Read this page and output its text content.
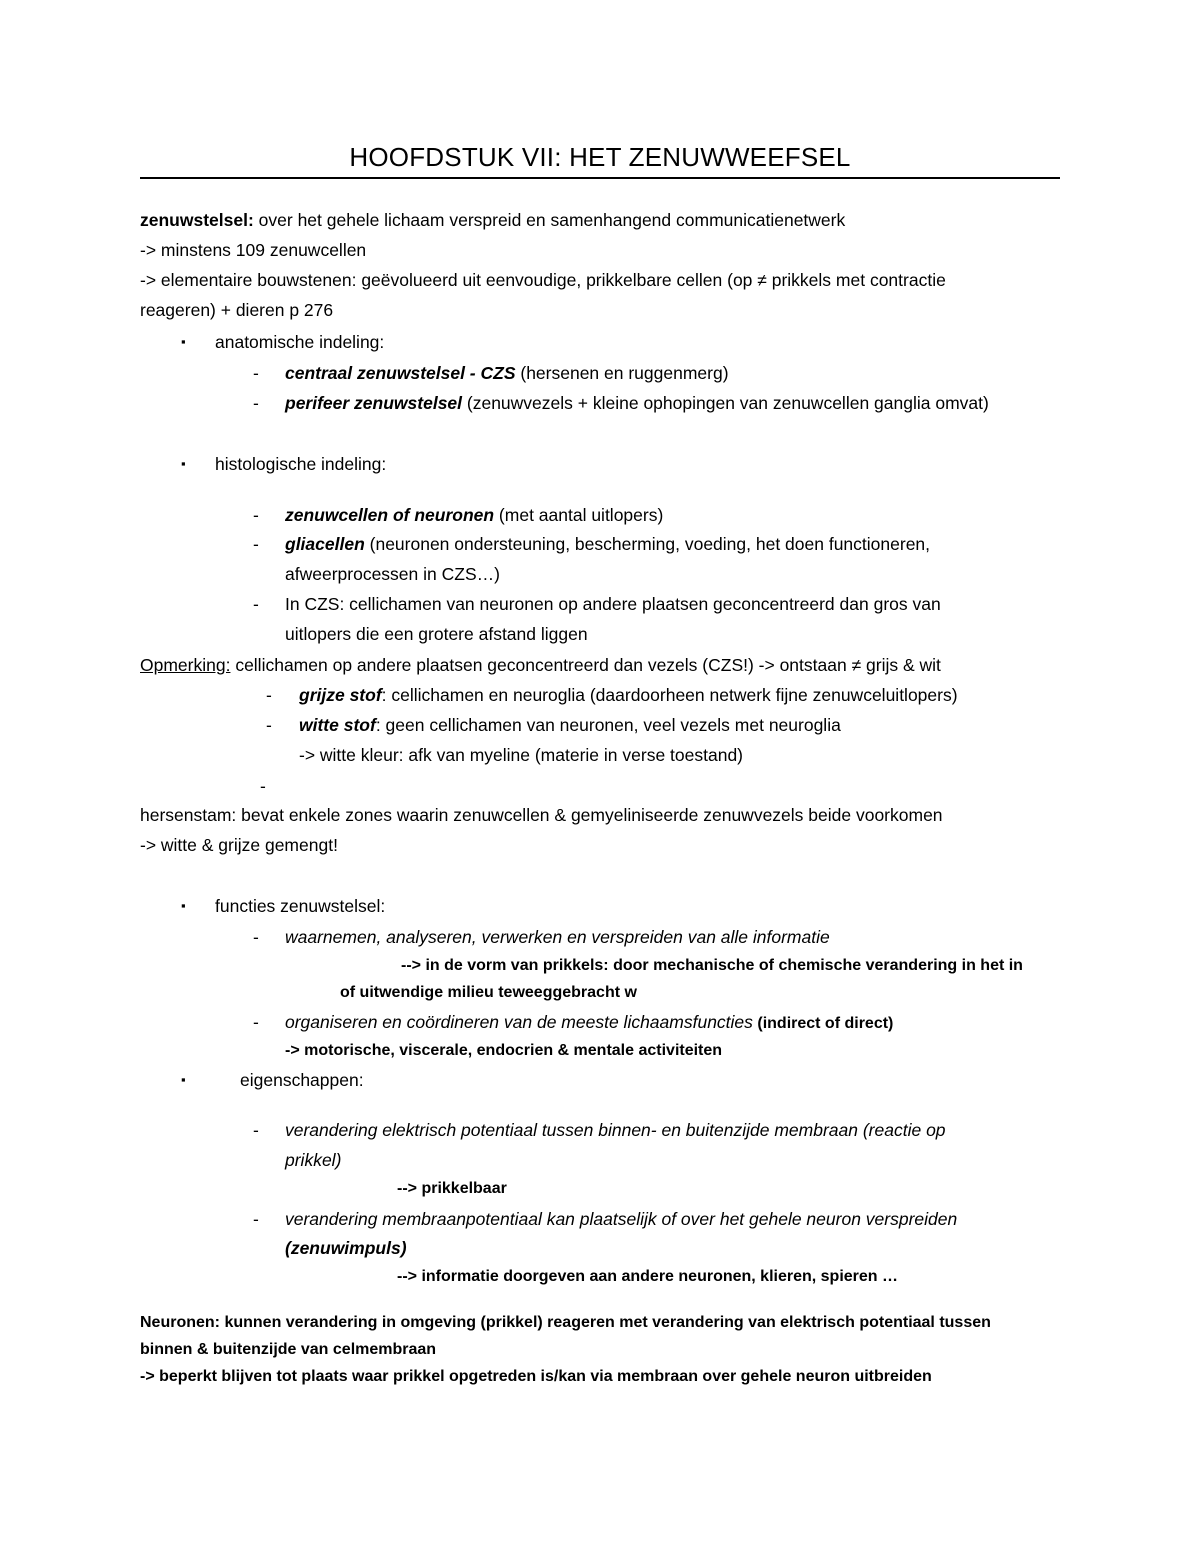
HOOFDSTUK VII: HET ZENUWWEEFSEL
zenuwstelsel: over het gehele lichaam verspreid en samenhangend communicatienetwerk
-> minstens 109 zenuwcellen
-> elementaire bouwstenen: geëvolueerd uit eenvoudige, prikkelbare cellen (op ≠ prikkels met contractie
reageren) + dieren p 276
▪ anatomische indeling:
- centraal zenuwstelsel - CZS (hersenen en ruggenmerg)
- perifeer zenuwstelsel (zenuwvezels + kleine ophopingen van zenuwcellen ganglia omvat)
▪ histologische indeling:
- zenuwcellen of neuronen (met aantal uitlopers)
- gliacellen (neuronen ondersteuning, bescherming, voeding, het doen functioneren,
afweerprocessen in CZS…)
- In CZS: cellichamen van neuronen op andere plaatsen geconcentreerd dan gros van
uitlopers die een grotere afstand liggen
Opmerking: cellichamen op andere plaatsen geconcentreerd dan vezels (CZS!) -> ontstaan ≠ grijs & wit
- grijze stof: cellichamen en neuroglia (daardoorheen netwerk fijne zenuwceluitlopers)
- witte stof: geen cellichamen van neuronen, veel vezels met neuroglia
-> witte kleur: afk van myeline (materie in verse toestand)
-
hersenstam: bevat enkele zones waarin zenuwcellen & gemyeliniseerde zenuwvezels beide voorkomen
-> witte & grijze gemengt!
▪ functies zenuwstelsel:
- waarnemen, analyseren, verwerken en verspreiden van alle informatie
--> in de vorm van prikkels: door mechanische of chemische verandering in het in
of uitwendige milieu teweeggebracht w
- organiseren en coördineren van de meeste lichaamsfuncties (indirect of direct)
-> motorische, viscerale, endocrien & mentale activiteiten
▪	eigenschappen:
- verandering elektrisch potentiaal tussen binnen- en buitenzijde membraan (reactie op
prikkel)
--> prikkelbaar
- verandering membraanpotentiaal kan plaatselijk of over het gehele neuron verspreiden
(zenuwimpuls)
--> informatie doorgeven aan andere neuronen, klieren, spieren …
Neuronen: kunnen verandering in omgeving (prikkel) reageren met verandering van elektrisch potentiaal tussen
binnen & buitenzijde van celmembraan
-> beperkt blijven tot plaats waar prikkel opgetreden is/kan via membraan over gehele neuron uitbreiden
